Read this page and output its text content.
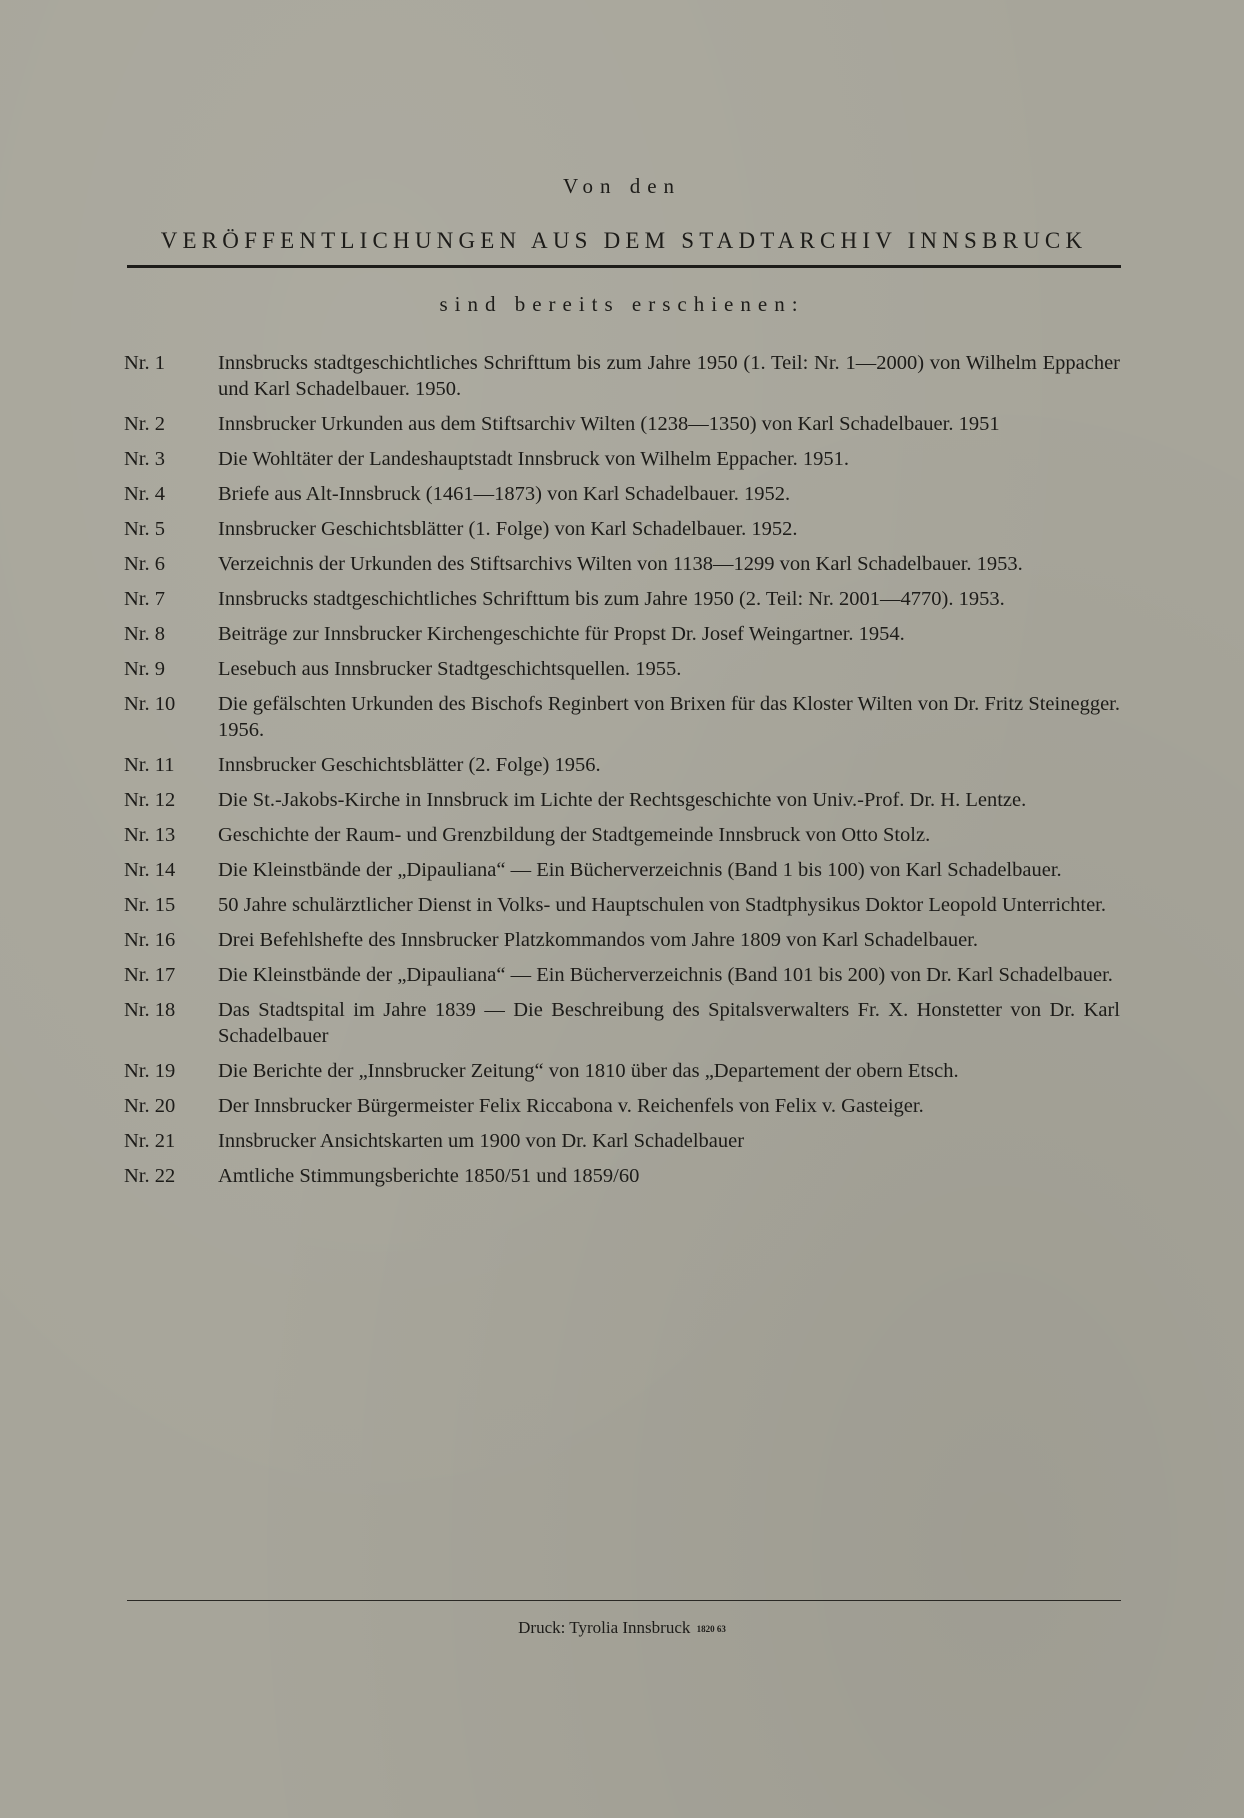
Von den
VERÖFFENTLICHUNGEN AUS DEM STADTARCHIV INNSBRUCK
sind bereits erschienen:
Nr. 1	Innsbrucks stadtgeschichtliches Schrifttum bis zum Jahre 1950 (1. Teil: Nr. 1—2000) von Wilhelm Eppacher und Karl Schadelbauer. 1950.
Nr. 2	Innsbrucker Urkunden aus dem Stiftsarchiv Wilten (1238—1350) von Karl Schadelbauer. 1951
Nr. 3	Die Wohltäter der Landeshauptstadt Innsbruck von Wilhelm Eppacher. 1951.
Nr. 4	Briefe aus Alt-Innsbruck (1461—1873) von Karl Schadelbauer. 1952.
Nr. 5	Innsbrucker Geschichtsblätter (1. Folge) von Karl Schadelbauer. 1952.
Nr. 6	Verzeichnis der Urkunden des Stiftsarchivs Wilten von 1138—1299 von Karl Schadelbauer. 1953.
Nr. 7	Innsbrucks stadtgeschichtliches Schrifttum bis zum Jahre 1950 (2. Teil: Nr. 2001—4770). 1953.
Nr. 8	Beiträge zur Innsbrucker Kirchengeschichte für Propst Dr. Josef Weingartner. 1954.
Nr. 9	Lesebuch aus Innsbrucker Stadtgeschichtsquellen. 1955.
Nr. 10	Die gefälschten Urkunden des Bischofs Reginbert von Brixen für das Kloster Wilten von Dr. Fritz Steinegger. 1956.
Nr. 11	Innsbrucker Geschichtsblätter (2. Folge) 1956.
Nr. 12	Die St.-Jakobs-Kirche in Innsbruck im Lichte der Rechtsgeschichte von Univ.-Prof. Dr. H. Lentze.
Nr. 13	Geschichte der Raum- und Grenzbildung der Stadtgemeinde Innsbruck von Otto Stolz.
Nr. 14	Die Kleinstbände der „Dipauliana“ — Ein Bücherverzeichnis (Band 1 bis 100) von Karl Schadelbauer.
Nr. 15	50 Jahre schulärztlicher Dienst in Volks- und Hauptschulen von Stadtphysikus Doktor Leopold Unterrichter.
Nr. 16	Drei Befehlshefte des Innsbrucker Platzkommandos vom Jahre 1809 von Karl Schadelbauer.
Nr. 17	Die Kleinstbände der „Dipauliana“ — Ein Bücherverzeichnis (Band 101 bis 200) von Dr. Karl Schadelbauer.
Nr. 18	Das Stadtspital im Jahre 1839 — Die Beschreibung des Spitalsverwalters Fr. X. Honstetter von Dr. Karl Schadelbauer
Nr. 19	Die Berichte der „Innsbrucker Zeitung“ von 1810 über das „Departement der obern Etsch.
Nr. 20	Der Innsbrucker Bürgermeister Felix Riccabona v. Reichenfels von Felix v. Gasteiger.
Nr. 21	Innsbrucker Ansichtskarten um 1900 von Dr. Karl Schadelbauer
Nr. 22	Amtliche Stimmungsberichte 1850/51 und 1859/60
Druck: Tyrolia Innsbruck 1820 63
